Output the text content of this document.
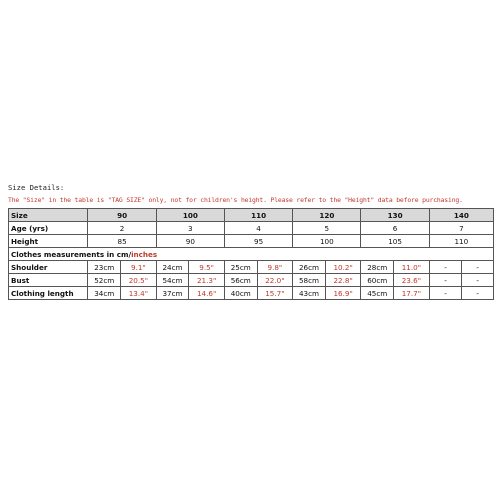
Size Details:
The "Size" in the table is "TAG SIZE" only, not for children's height. Please refer to the "Height" data before purchasing.
Size	90		100		110		120		130		140	
Age (yrs)	2		3		4		5		6		7	
Height	85		90		95		100		105		110	
Clothes measurements in cm/inches												
Shoulder	23cm	9.1"	24cm	9.5"	25cm	9.8"	26cm	10.2"	28cm	11.0"	-	-
Bust	52cm	20.5"	54cm	21.3"	56cm	22.0"	58cm	22.8"	60cm	23.6"	-	-
Clothing length	34cm	13.4"	37cm	14.6"	40cm	15.7"	43cm	16.9"	45cm	17.7"	-	-
